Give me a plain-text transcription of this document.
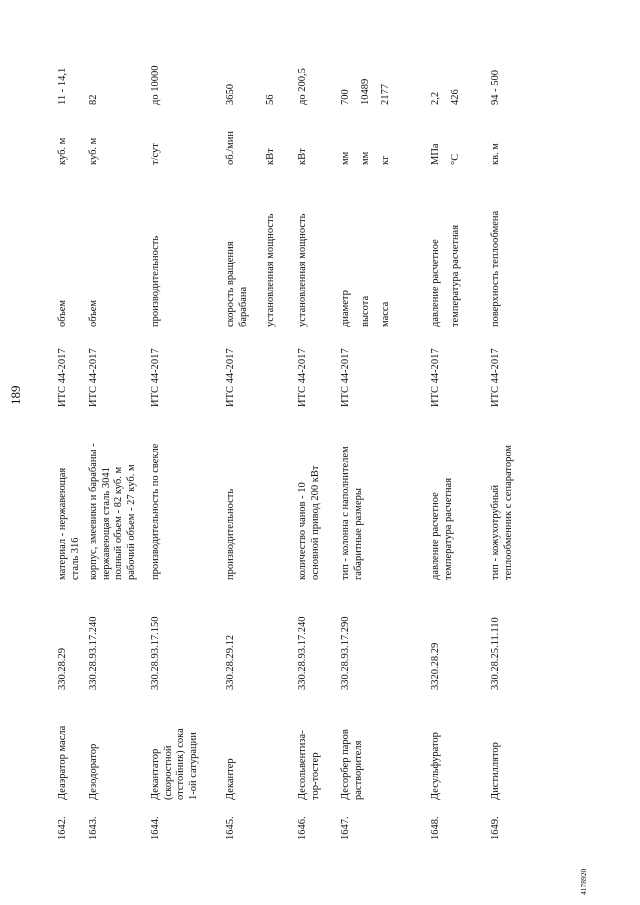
189
1642.
Деаэратор масла
330.28.29
материал - нержавеющая сталь 316
ИТС 44-2017
объем
куб. м
11 - 14,1
1643.
Дезодоратор
330.28.93.17.240
корпус, змеевики и барабаны - нержавеющая сталь 3041 полный объем - 82 куб. м рабочий объем - 27 куб. м
ИТС 44-2017
объем
куб. м
82
1644.
Декантатор (скоростной отстойник) сока 1-ой сатурации
330.28.93.17.150
производительность по свекле
ИТС 44-2017
производительность
т/сут
до 10000
1645.
Декантер
330.28.29.12
производительность
ИТС 44-2017
скорость вращения барабана
об./мин
3650
установленная мощность
кВт
56
1646.
Десольвентиза- тор-тостер
330.28.93.17.240
количество чанов - 10 основной привод 200 кВт
ИТС 44-2017
установленная мощность
кВт
до 200,5
1647.
Десорбер паров растворителя
330.28.93.17.290
тип - колонна с наполнителем габаритные размеры
ИТС 44-2017
диаметр
мм
700
высота
мм
10489
масса
кг
2177
1648.
Десульфуратор
3320.28.29
давление расчетное температура расчетная
ИТС 44-2017
давление расчетное
МПа
2,2
температура расчетная
°C
426
1649.
Дистиллятор
330.28.25.11.110
тип - кожухотрубный теплообменник с сепаратором
ИТС 44-2017
поверхность теплообмена
кв. м
94 - 500
4178920
